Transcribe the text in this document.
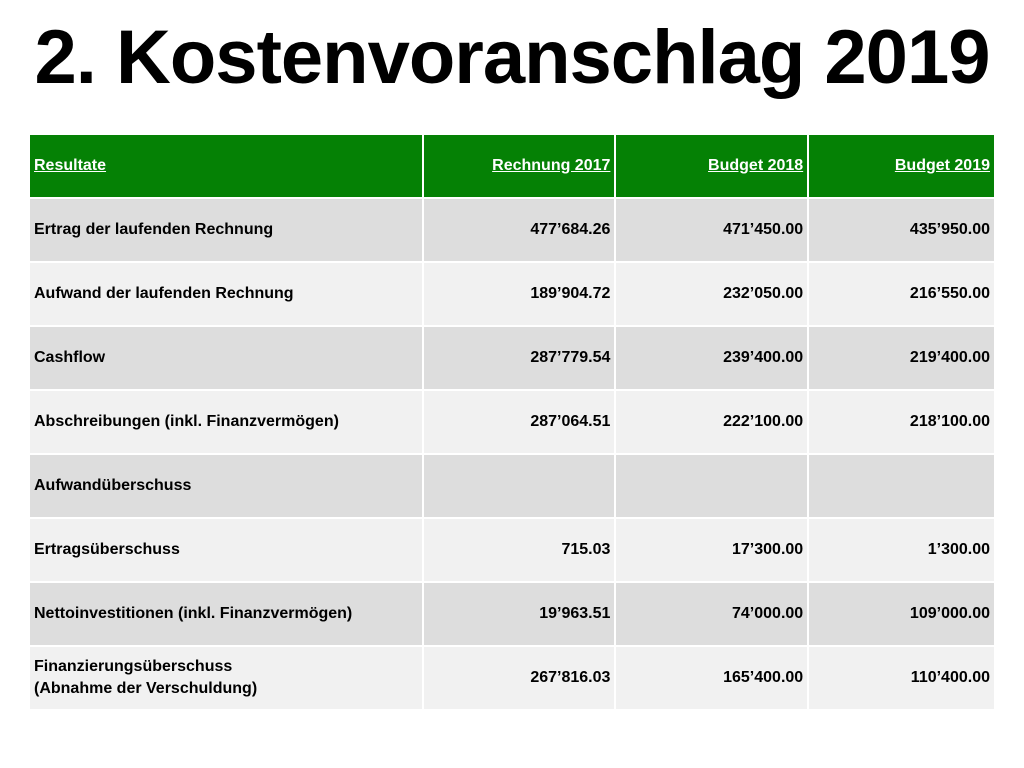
2. Kostenvoranschlag 2019
Resultate	Rechnung 2017	Budget 2018	Budget 2019

Ertrag der laufenden Rechnung	477’684.26	471’450.00	435’950.00

Aufwand der laufenden Rechnung	189’904.72	232’050.00	216’550.00

Cashflow	287’779.54	239’400.00	219’400.00

Abschreibungen (inkl. Finanzvermögen)	287’064.51	222’100.00	218’100.00

Aufwandüberschuss			

Ertragsüberschuss	715.03	17’300.00	1’300.00

Nettoinvestitionen (inkl. Finanzvermögen)	19’963.51	74’000.00	109’000.00

Finanzierungsüberschuss
(Abnahme der Verschuldung)	267’816.03	165’400.00	110’400.00
